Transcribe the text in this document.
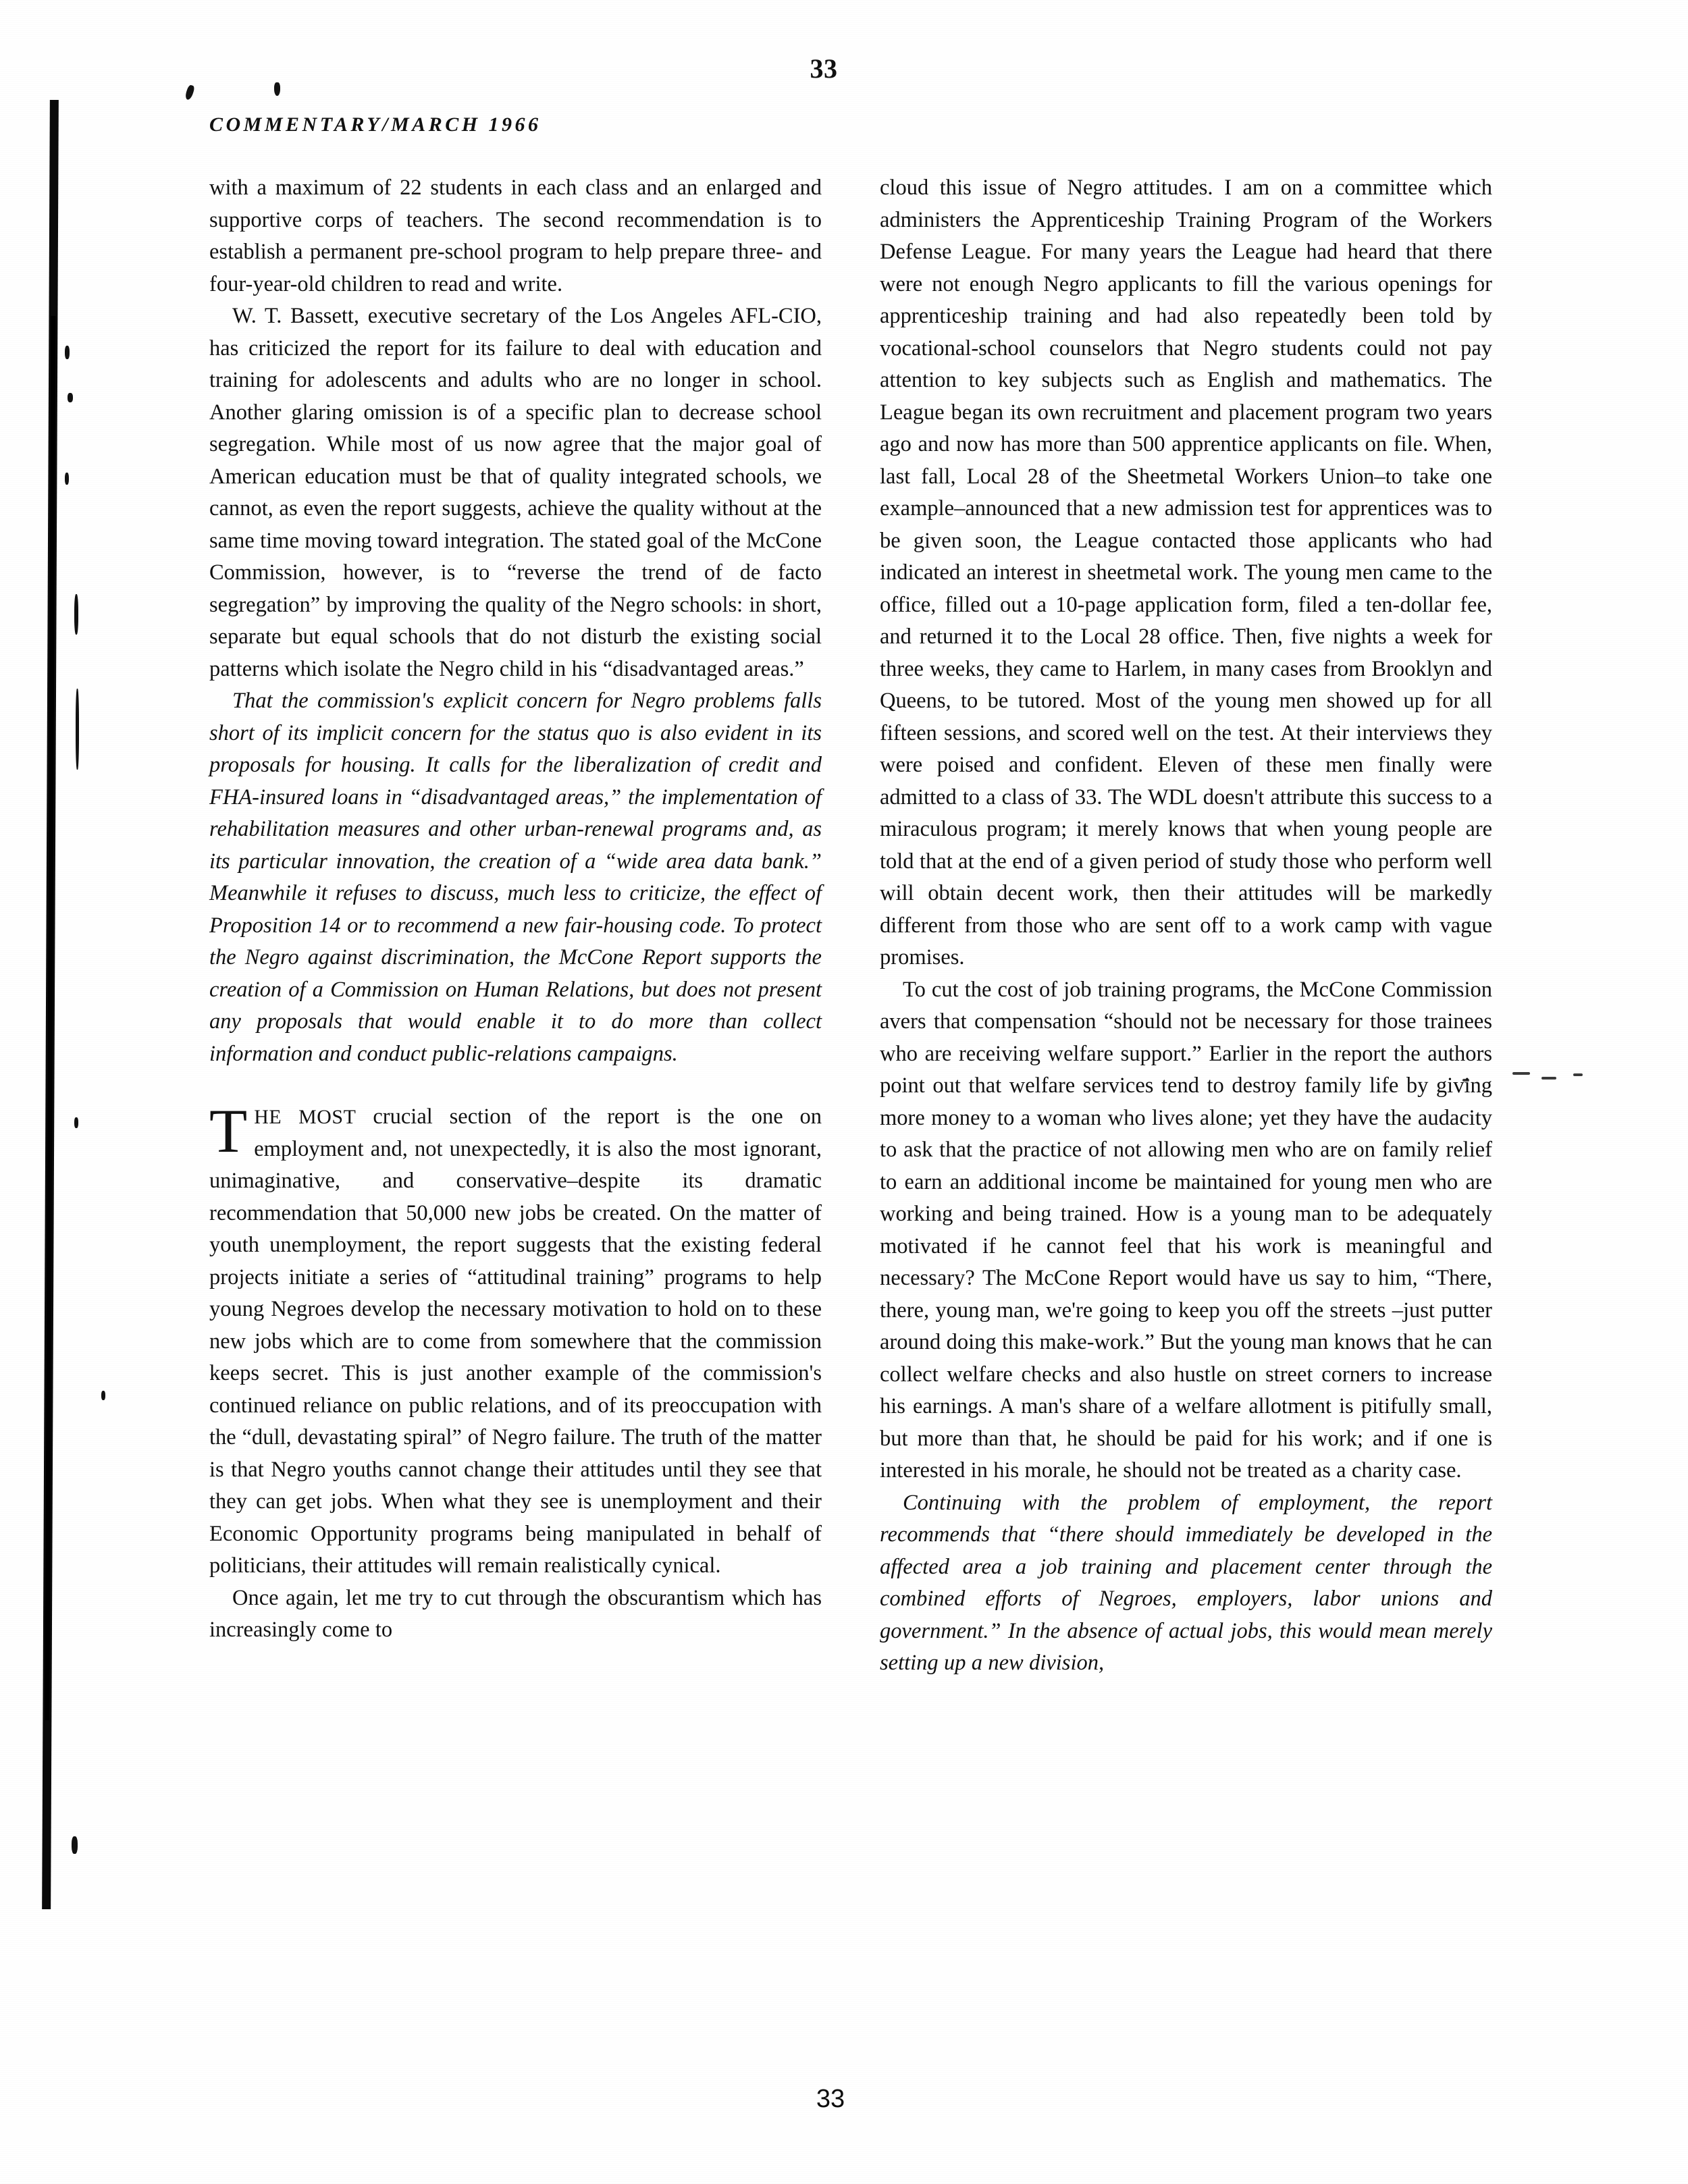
33
COMMENTARY/MARCH 1966

with a maximum of 22 students in each class and an enlarged and supportive corps of teachers. The second recommendation is to establish a permanent pre-school program to help prepare three- and four-year-old children to read and write.

W. T. Bassett, executive secretary of the Los Angeles AFL-CIO, has criticized the report for its failure to deal with education and training for adolescents and adults who are no longer in school. Another glaring omission is of a specific plan to decrease school segregation. While most of us now agree that the major goal of American education must be that of quality integrated schools, we cannot, as even the report suggests, achieve the quality without at the same time moving toward integration. The stated goal of the McCone Commission, however, is to “reverse the trend of de facto segregation” by improving the quality of the Negro schools: in short, separate but equal schools that do not disturb the existing social patterns which isolate the Negro child in his “disadvantaged areas.”

That the commission's explicit concern for Negro problems falls short of its implicit concern for the status quo is also evident in its proposals for housing. It calls for the liberalization of credit and FHA-insured loans in “disadvantaged areas,” the implementation of rehabilitation measures and other urban-renewal programs and, as its particular innovation, the creation of a “wide area data bank.” Meanwhile it refuses to discuss, much less to criticize, the effect of Proposition 14 or to recommend a new fair-housing code. To protect the Negro against discrimination, the McCone Report supports the creation of a Commission on Human Relations, but does not present any proposals that would enable it to do more than collect information and conduct public-relations campaigns.

THE MOST crucial section of the report is the one on employment and, not unexpectedly, it is also the most ignorant, unimaginative, and conservative–despite its dramatic recommendation that 50,000 new jobs be created. On the matter of youth unemployment, the report suggests that the existing federal projects initiate a series of “attitudinal training” programs to help young Negroes develop the necessary motivation to hold on to these new jobs which are to come from somewhere that the commission keeps secret. This is just another example of the commission's continued reliance on public relations, and of its preoccupation with the “dull, devastating spiral” of Negro failure. The truth of the matter is that Negro youths cannot change their attitudes until they see that they can get jobs. When what they see is unemployment and their Economic Opportunity programs being manipulated in behalf of politicians, their attitudes will remain realistically cynical.

Once again, let me try to cut through the obscurantism which has increasingly come to

cloud this issue of Negro attitudes. I am on a committee which administers the Apprenticeship Training Program of the Workers Defense League. For many years the League had heard that there were not enough Negro applicants to fill the various openings for apprenticeship training and had also repeatedly been told by vocational-school counselors that Negro students could not pay attention to key subjects such as English and mathematics. The League began its own recruitment and placement program two years ago and now has more than 500 apprentice applicants on file. When, last fall, Local 28 of the Sheetmetal Workers Union–to take one example–announced that a new admission test for apprentices was to be given soon, the League contacted those applicants who had indicated an interest in sheetmetal work. The young men came to the office, filled out a 10-page application form, filed a ten-dollar fee, and returned it to the Local 28 office. Then, five nights a week for three weeks, they came to Harlem, in many cases from Brooklyn and Queens, to be tutored. Most of the young men showed up for all fifteen sessions, and scored well on the test. At their interviews they were poised and confident. Eleven of these men finally were admitted to a class of 33. The WDL doesn't attribute this success to a miraculous program; it merely knows that when young people are told that at the end of a given period of study those who perform well will obtain decent work, then their attitudes will be markedly different from those who are sent off to a work camp with vague promises.

To cut the cost of job training programs, the McCone Commission avers that compensation “should not be necessary for those trainees who are receiving welfare support.” Earlier in the report the authors point out that welfare services tend to destroy family life by giving more money to a woman who lives alone; yet they have the audacity to ask that the practice of not allowing men who are on family relief to earn an additional income be maintained for young men who are working and being trained. How is a young man to be adequately motivated if he cannot feel that his work is meaningful and necessary? The McCone Report would have us say to him, “There, there, young man, we're going to keep you off the streets –just putter around doing this make-work.” But the young man knows that he can collect welfare checks and also hustle on street corners to increase his earnings. A man's share of a welfare allotment is pitifully small, but more than that, he should be paid for his work; and if one is interested in his morale, he should not be treated as a charity case.

Continuing with the problem of employment, the report recommends that “there should immediately be developed in the affected area a job training and placement center through the combined efforts of Negroes, employers, labor unions and government.” In the absence of actual jobs, this would mean merely setting up a new division,

33
